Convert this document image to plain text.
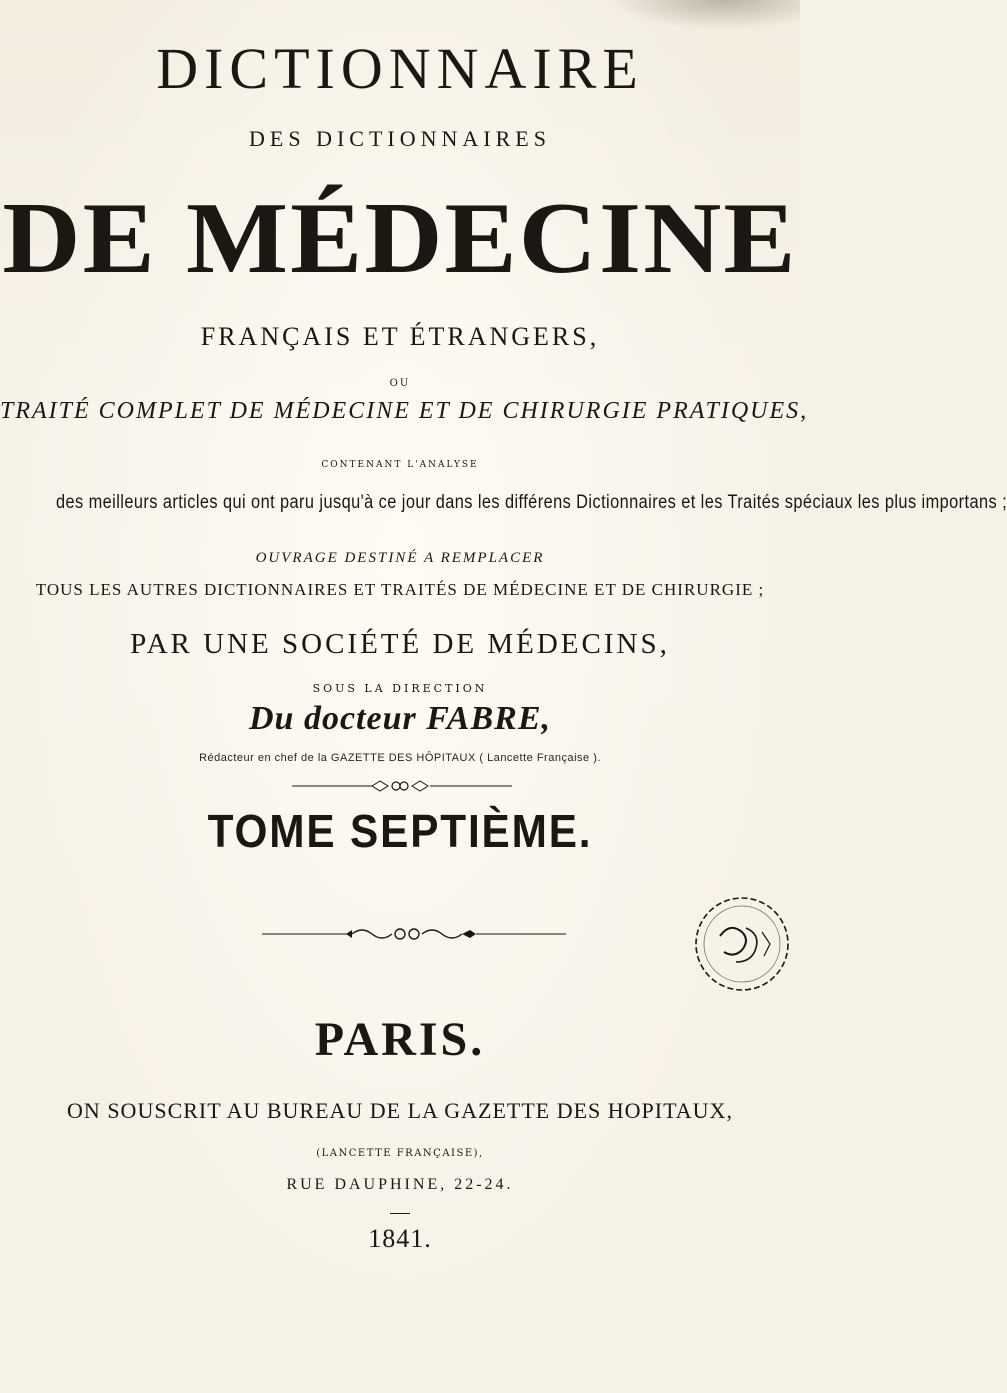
DICTIONNAIRE
DES DICTIONNAIRES
DE MÉDECINE
FRANÇAIS ET ÉTRANGERS,
OU
TRAITÉ COMPLET DE MÉDECINE ET DE CHIRURGIE PRATIQUES,
CONTENANT L'ANALYSE
des meilleurs articles qui ont paru jusqu'à ce jour dans les différens Dictionnaires et les Traités spéciaux les plus importans ;
OUVRAGE DESTINÉ A REMPLACER
TOUS LES AUTRES DICTIONNAIRES ET TRAITÉS DE MÉDECINE ET DE CHIRURGIE ;
PAR UNE SOCIÉTÉ DE MÉDECINS,
SOUS LA DIRECTION
Du docteur FABRE,
Rédacteur en chef de la GAZETTE DES HÔPITAUX ( Lancette Française ).
TOME SEPTIÈME.
PARIS.
ON SOUSCRIT AU BUREAU DE LA GAZETTE DES HOPITAUX,
(LANCETTE FRANÇAISE),
RUE DAUPHINE, 22-24.
1841.
